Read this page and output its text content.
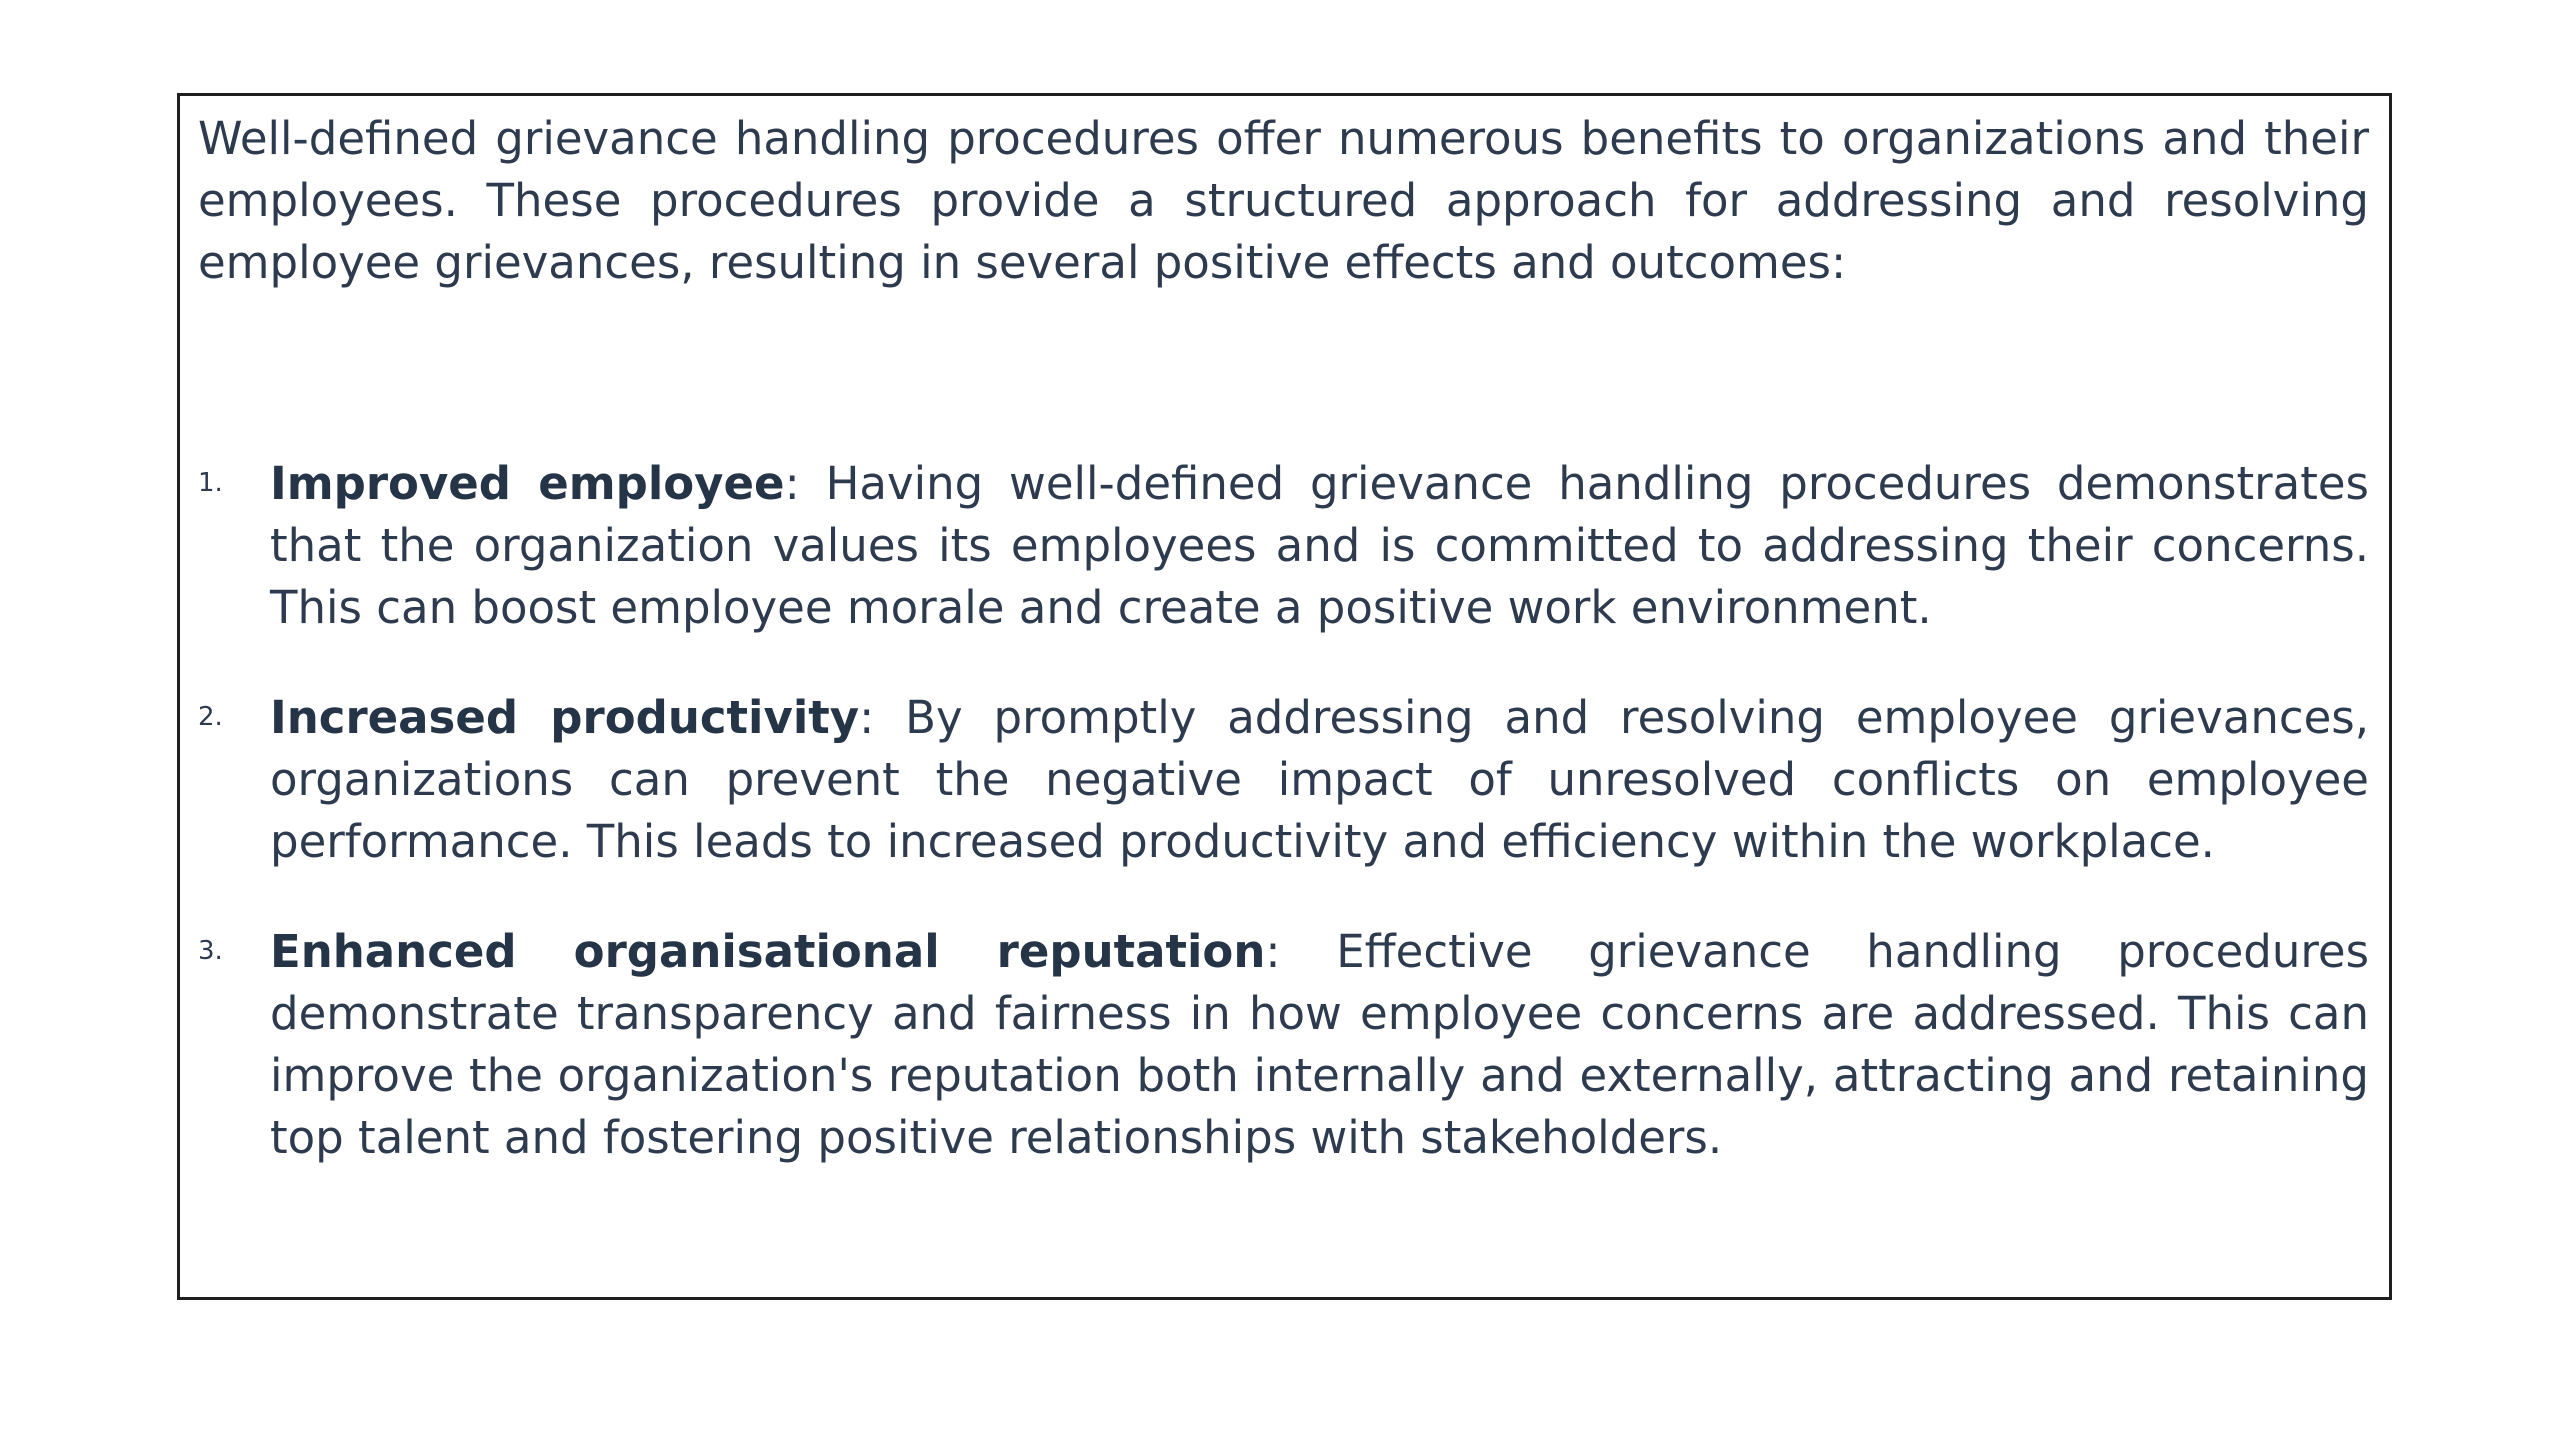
Well-defined grievance handling procedures offer numerous benefits to organizations and their employees. These procedures provide a structured approach for addressing and resolving employee grievances, resulting in several positive effects and outcomes:

1. Improved employee: Having well-defined grievance handling procedures demonstrates that the organization values its employees and is committed to addressing their concerns. This can boost employee morale and create a positive work environment.

2. Increased productivity: By promptly addressing and resolving employee grievances, organizations can prevent the negative impact of unresolved conflicts on employee performance. This leads to increased productivity and efficiency within the workplace.

3. Enhanced organisational reputation: Effective grievance handling procedures demonstrate transparency and fairness in how employee concerns are addressed. This can improve the organization's reputation both internally and externally, attracting and retaining top talent and fostering positive relationships with stakeholders.
